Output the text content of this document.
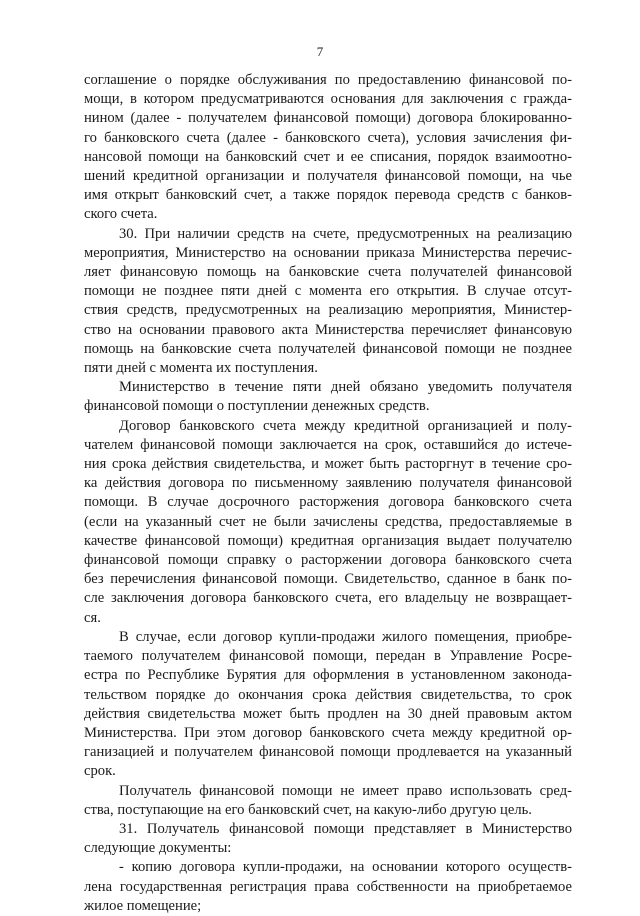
7
соглашение о порядке обслуживания по предоставлению финансовой по-
мощи, в котором предусматриваются основания для заключения с гражда-
нином (далее - получателем финансовой помощи) договора блокированно-
го банковского счета (далее - банковского счета), условия зачисления фи-
нансовой помощи на банковский счет и ее списания, порядок взаимоотно-
шений кредитной организации и получателя финансовой помощи, на чье
имя открыт банковский счет, а также порядок перевода средств с банков-
ского счета.
30. При наличии средств на счете, предусмотренных на реализацию
мероприятия, Министерство на основании приказа Министерства перечис-
ляет финансовую помощь на банковские счета получателей финансовой
помощи не позднее пяти дней с момента его открытия. В случае отсут-
ствия средств, предусмотренных на реализацию мероприятия, Министер-
ство на основании правового акта Министерства перечисляет финансовую
помощь на банковские счета получателей финансовой помощи не позднее
пяти дней с момента их поступления.
Министерство в течение пяти дней обязано уведомить получателя
финансовой помощи о поступлении денежных средств.
Договор банковского счета между кредитной организацией и полу-
чателем финансовой помощи заключается на срок, оставшийся до истече-
ния срока действия свидетельства, и может быть расторгнут в течение сро-
ка действия договора по письменному заявлению получателя финансовой
помощи. В случае досрочного расторжения договора банковского счета
(если на указанный счет не были зачислены средства, предоставляемые в
качестве финансовой помощи) кредитная организация выдает получателю
финансовой помощи справку о расторжении договора банковского счета
без перечисления финансовой помощи. Свидетельство, сданное в банк по-
сле заключения договора банковского счета, его владельцу не возвращает-
ся.
В случае, если договор купли-продажи жилого помещения, приобре-
таемого получателем финансовой помощи, передан в Управление Росре-
естра по Республике Бурятия для оформления в установленном законода-
тельством порядке до окончания срока действия свидетельства, то срок
действия свидетельства может быть продлен на 30 дней правовым актом
Министерства. При этом договор банковского счета между кредитной ор-
ганизацией и получателем финансовой помощи продлевается на указанный
срок.
Получатель финансовой помощи не имеет право использовать сред-
ства, поступающие на его банковский счет, на какую-либо другую цель.
31. Получатель финансовой помощи представляет в Министерство
следующие документы:
- копию договора купли-продажи, на основании которого осуществ-
лена государственная регистрация права собственности на приобретаемое
жилое помещение;
